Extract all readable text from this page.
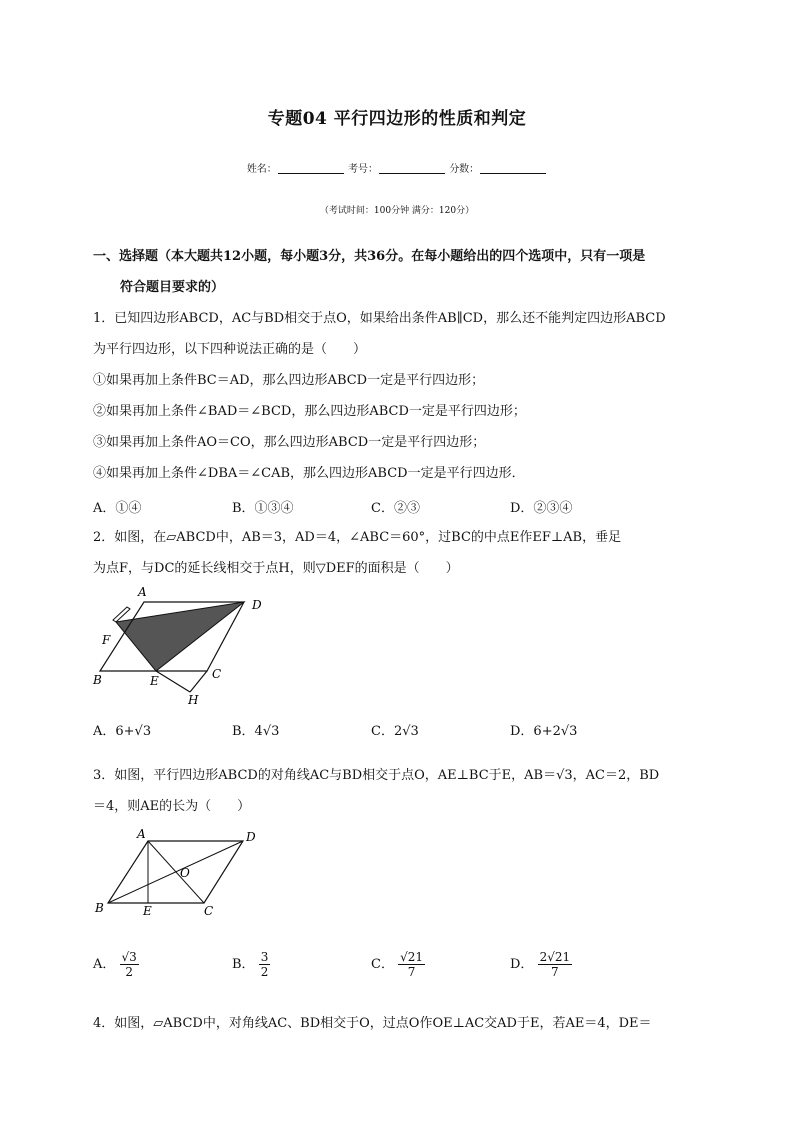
专题04 平行四边形的性质和判定
姓名：	考号：	分数：
（考试时间：100分钟 满分：120分）
一、选择题（本大题共12小题，每小题3分，共36分。在每小题给出的四个选项中，只有一项是
符合题目要求的）
1．已知四边形ABCD，AC与BD相交于点O，如果给出条件AB∥CD，那么还不能判定四边形ABCD
为平行四边形，以下四种说法正确的是（　　）
①如果再加上条件BC＝AD，那么四边形ABCD一定是平行四边形；
②如果再加上条件∠BAD＝∠BCD，那么四边形ABCD一定是平行四边形；
③如果再加上条件AO＝CO，那么四边形ABCD一定是平行四边形；
④如果再加上条件∠DBA＝∠CAB，那么四边形ABCD一定是平行四边形．
A．①④	B．①③④	C．②③	D．②③④
2．如图，在▱ABCD中，AB＝3，AD＝4，∠ABC＝60°，过BC的中点E作EF⊥AB，垂足
为点F，与DC的延长线相交于点H，则▽DEF的面积是（　　）
A
D
F
B	E	C
H
A．6+√3	B．4√3	C．2√3	D．6+2√3
3．如图，平行四边形ABCD的对角线AC与BD相交于点O，AE⊥BC于E，AB＝√3，AC＝2，BD
＝4，则AE的长为（　　）
A	D
O
B	E	C
A． $\frac{√3}{2}$	B． $\frac{3}{2}$	C． $\frac{√21}{7}$	D． $\frac{2√21}{7}$
4．如图，▱ABCD中，对角线AC、BD相交于O，过点O作OE⊥AC交AD于E，若AE＝4，DE＝
